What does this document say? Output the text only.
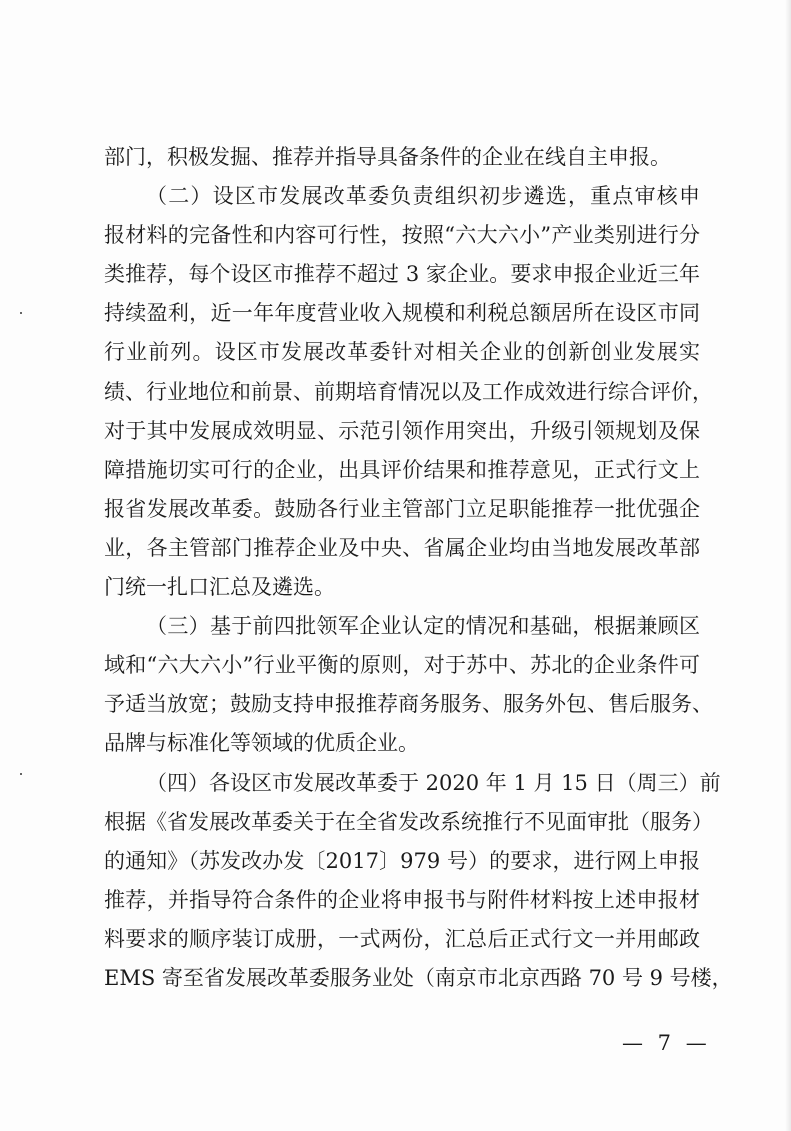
部门，积极发掘、推荐并指导具备条件的企业在线自主申报。
（二）设区市发展改革委负责组织初步遴选，重点审核申
报材料的完备性和内容可行性，按照“六大六小”产业类别进行分
类推荐，每个设区市推荐不超过 3 家企业。要求申报企业近三年
持续盈利，近一年年度营业收入规模和利税总额居所在设区市同
行业前列。设区市发展改革委针对相关企业的创新创业发展实
绩、行业地位和前景、前期培育情况以及工作成效进行综合评价，
对于其中发展成效明显、示范引领作用突出，升级引领规划及保
障措施切实可行的企业，出具评价结果和推荐意见，正式行文上
报省发展改革委。鼓励各行业主管部门立足职能推荐一批优强企
业，各主管部门推荐企业及中央、省属企业均由当地发展改革部
门统一扎口汇总及遴选。
（三）基于前四批领军企业认定的情况和基础，根据兼顾区
域和“六大六小”行业平衡的原则，对于苏中、苏北的企业条件可
予适当放宽；鼓励支持申报推荐商务服务、服务外包、售后服务、
品牌与标准化等领域的优质企业。
（四）各设区市发展改革委于 2020 年 1 月 15 日（周三）前
根据《省发展改革委关于在全省发改系统推行不见面审批（服务）
的通知》（苏发改办发〔2017〕979 号）的要求，进行网上申报
推荐，并指导符合条件的企业将申报书与附件材料按上述申报材
料要求的顺序装订成册，一式两份，汇总后正式行文一并用邮政
EMS 寄至省发展改革委服务业处（南京市北京西路 70 号 9 号楼，
— 7 —
